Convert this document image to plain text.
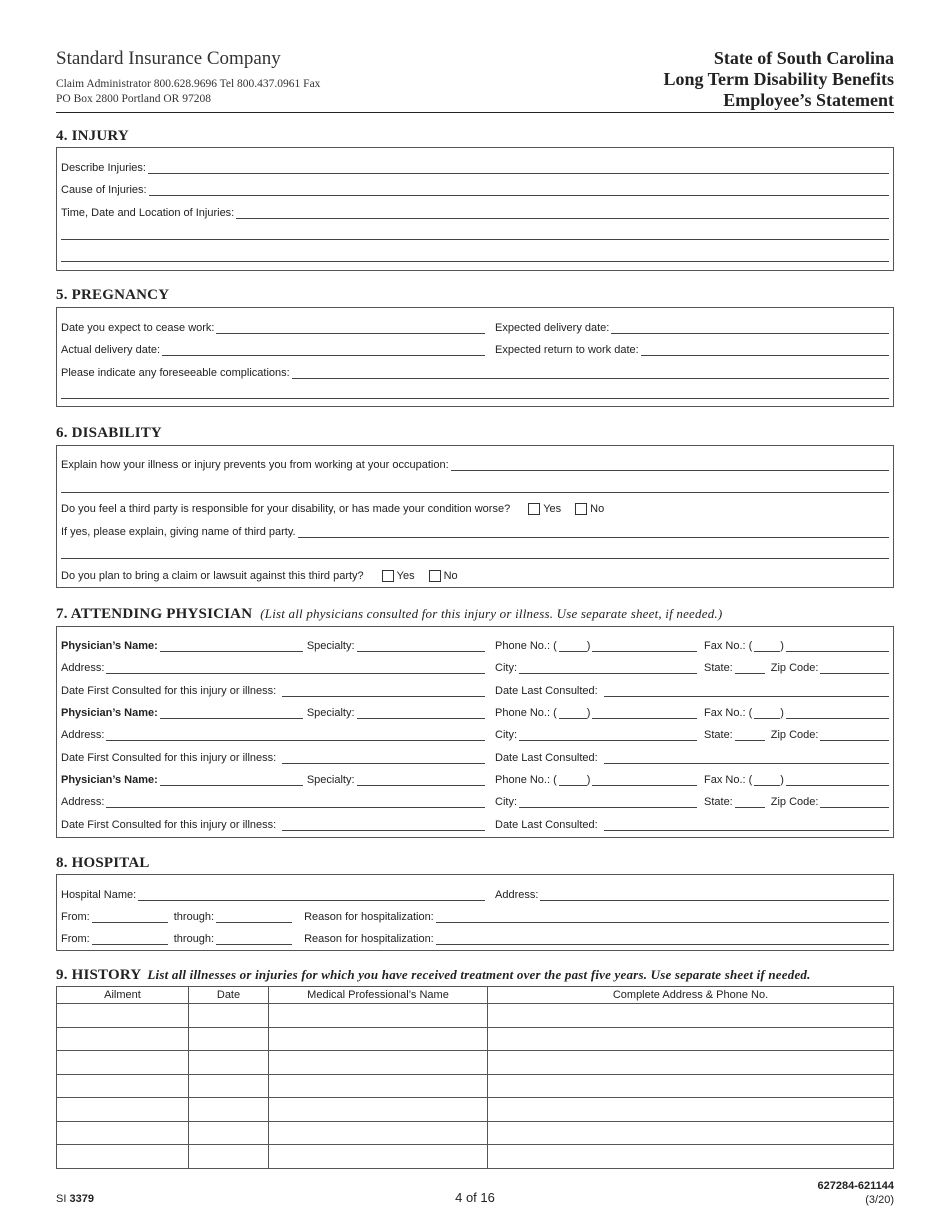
Standard Insurance Company
Claim Administrator 800.628.9696 Tel 800.437.0961 Fax
PO Box 2800 Portland OR 97208
State of South Carolina
Long Term Disability Benefits
Employee’s Statement
4. INJURY
Describe Injuries:
Cause of Injuries:
Time, Date and Location of Injuries:
5. PREGNANCY
Date you expect to cease work:	Expected delivery date:
Actual delivery date:	Expected return to work date:
Please indicate any foreseeable complications:
6. DISABILITY
Explain how your illness or injury prevents you from working at your occupation:
Do you feel a third party is responsible for your disability, or has made your condition worse?	Yes	No
If yes, please explain, giving name of third party.
Do you plan to bring a claim or lawsuit against this third party?	Yes	No
7. ATTENDING PHYSICIAN (List all physicians consulted for this injury or illness. Use separate sheet, if needed.)
Physician’s Name:	Specialty:	Phone No.: (	)	Fax No.: (	)
Address:	City:	State:	Zip Code:
Date First Consulted for this injury or illness:	Date Last Consulted:
Physician’s Name:	Specialty:	Phone No.: (	)	Fax No.: (	)
Address:	City:	State:	Zip Code:
Date First Consulted for this injury or illness:	Date Last Consulted:
Physician’s Name:	Specialty:	Phone No.: (	)	Fax No.: (	)
Address:	City:	State:	Zip Code:
Date First Consulted for this injury or illness:	Date Last Consulted:
8. HOSPITAL
Hospital Name:	Address:
From:	through:	Reason for hospitalization:
From:	through:	Reason for hospitalization:
9. HISTORY List all illnesses or injuries for which you have received treatment over the past five years. Use separate sheet if needed.
Ailment	Date	Medical Professional’s Name	Complete Address & Phone No.

SI 3379	4 of 16
627284-621144
(3/20)
